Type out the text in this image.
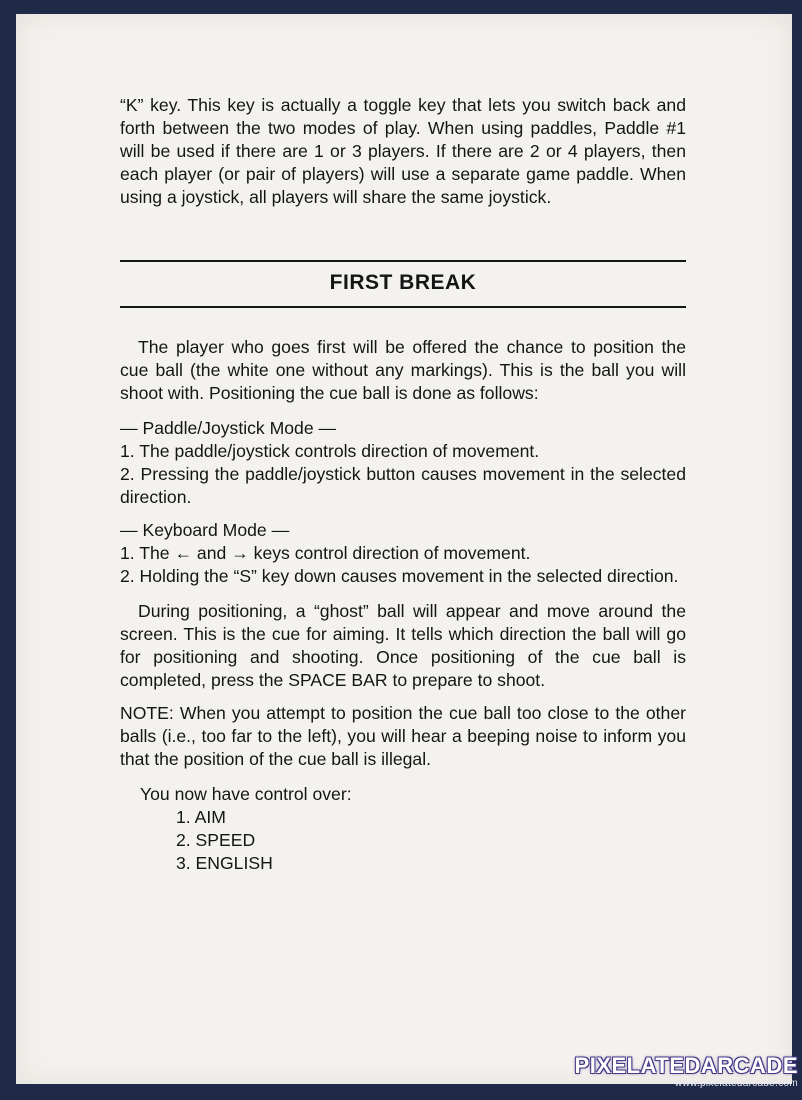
“K” key. This key is actually a toggle key that lets you switch back and forth between the two modes of play. When using paddles, Paddle #1 will be used if there are 1 or 3 players. If there are 2 or 4 players, then each player (or pair of players) will use a separate game paddle. When using a joystick, all players will share the same joystick.

FIRST BREAK

The player who goes first will be offered the chance to position the cue ball (the white one without any markings). This is the ball you will shoot with. Positioning the cue ball is done as follows:

— Paddle/Joystick Mode —

1. The paddle/joystick controls direction of movement.

2. Pressing the paddle/joystick button causes movement in the selected direction.

— Keyboard Mode —

1. The ← and → keys control direction of movement.

2. Holding the “S” key down causes movement in the selected direction.

During positioning, a “ghost” ball will appear and move around the screen. This is the cue for aiming. It tells which direction the ball will go for positioning and shooting. Once positioning of the cue ball is completed, press the SPACE BAR to prepare to shoot.

NOTE: When you attempt to position the cue ball too close to the other balls (i.e., too far to the left), you will hear a beeping noise to inform you that the position of the cue ball is illegal.

You now have control over:

1. AIM
2. SPEED
3. ENGLISH
PIXELATEDARCADE
www.pixelatedarcade.com
